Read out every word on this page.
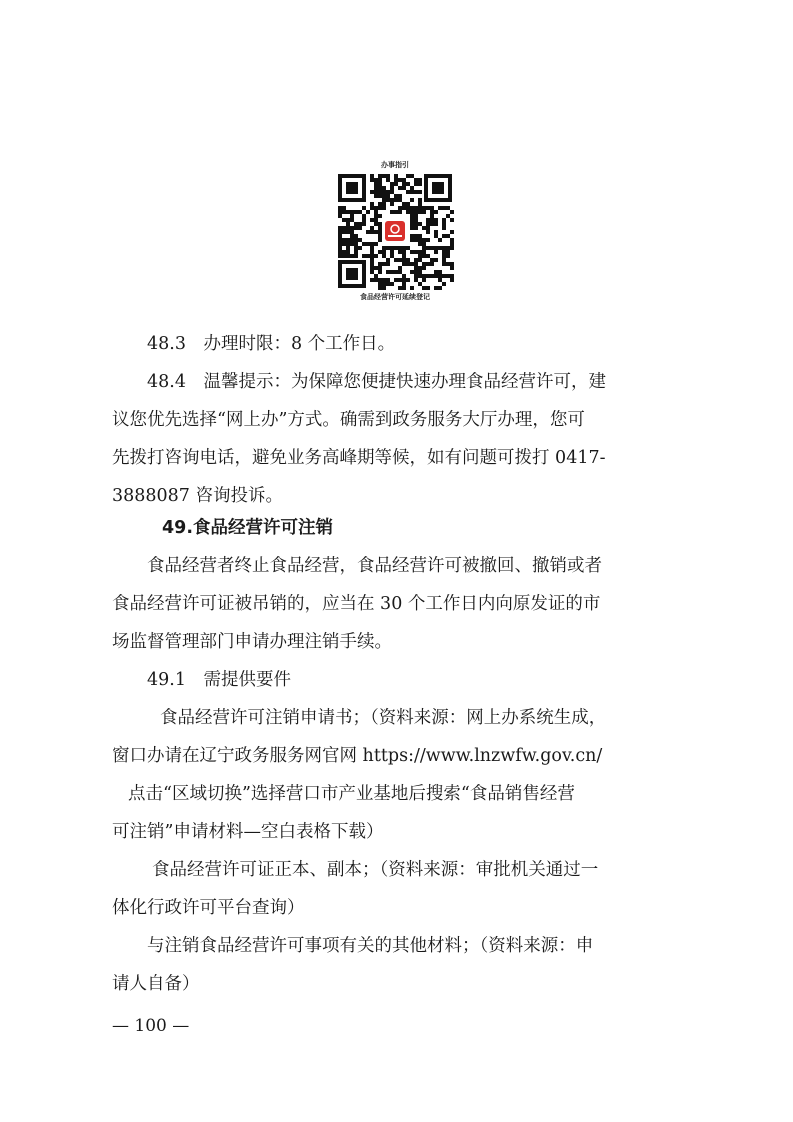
办事指引
食品经营许可延续登记
48.3　办理时限：8 个工作日。
48.4　温馨提示：为保障您便捷快速办理食品经营许可，建
议您优先选择“网上办”方式。确需到政务服务大厅办理，您可
先拨打咨询电话，避免业务高峰期等候，如有问题可拨打 0417-
3888087 咨询投诉。
49.食品经营许可注销
食品经营者终止食品经营，食品经营许可被撤回、撤销或者
食品经营许可证被吊销的，应当在 30 个工作日内向原发证的市
场监督管理部门申请办理注销手续。
49.1　需提供要件
食品经营许可注销申请书；（资料来源：网上办系统生成，
窗口办请在辽宁政务服务网官网 https://www.lnzwfw.gov.cn/
点击“区域切换”选择营口市产业基地后搜索“食品销售经营
可注销”申请材料—空白表格下载）
食品经营许可证正本、副本；（资料来源：审批机关通过一
体化行政许可平台查询）
与注销食品经营许可事项有关的其他材料；（资料来源：申
请人自备）
— 100 —
